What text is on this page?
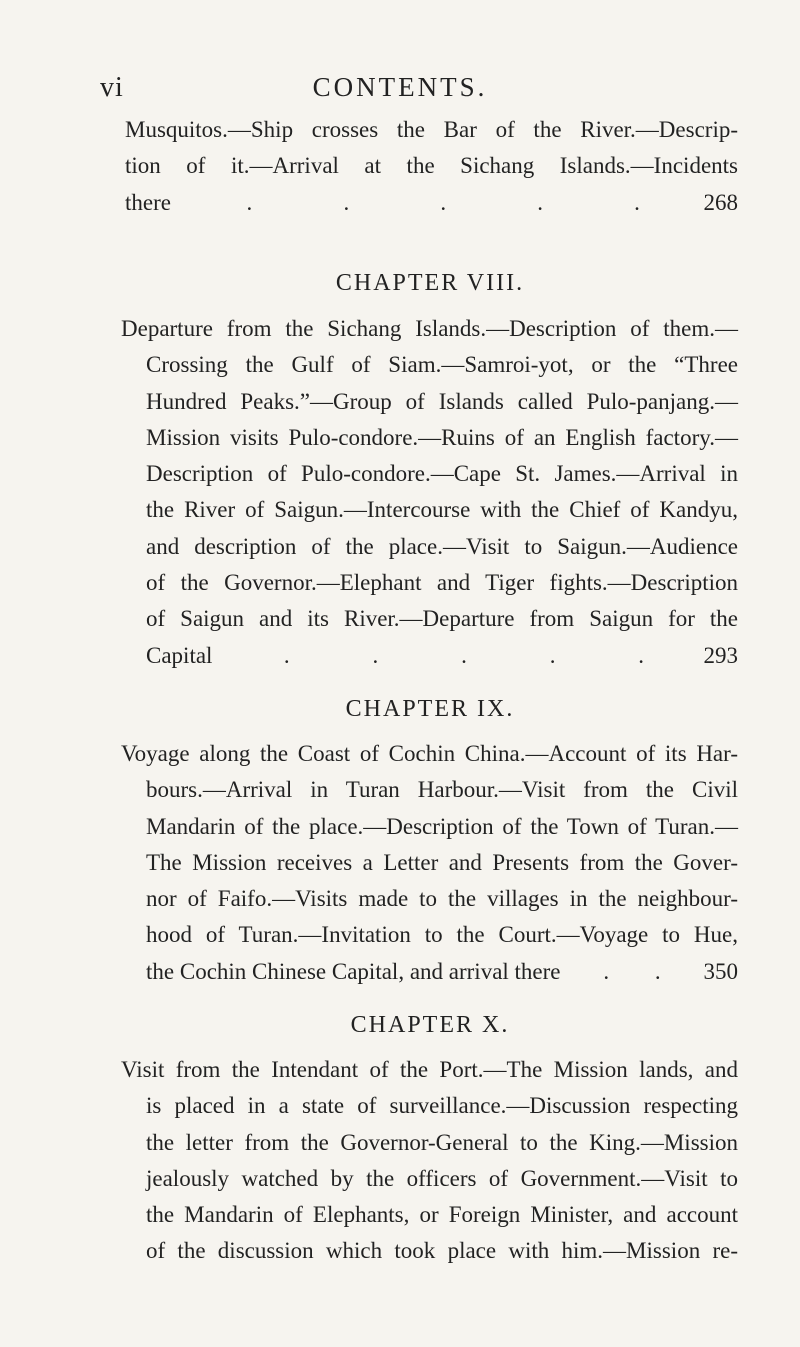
vi	CONTENTS.
Musquitos.—Ship crosses the Bar of the River.—Descrip-
tion of it.—Arrival at the Sichang Islands.—Incidents
there	.	.	.	.	.	268
CHAPTER VIII.
Departure from the Sichang Islands.—Description of them.—
Crossing the Gulf of Siam.—Samroi-yot, or the “Three
Hundred Peaks.”—Group of Islands called Pulo-panjang.—
Mission visits Pulo-condore.—Ruins of an English factory.—
Description of Pulo-condore.—Cape St. James.—Arrival in
the River of Saigun.—Intercourse with the Chief of Kandyu,
and description of the place.—Visit to Saigun.—Audience
of the Governor.—Elephant and Tiger fights.—Description
of Saigun and its River.—Departure from Saigun for the
Capital	.	.	.	.	.	293
CHAPTER IX.
Voyage along the Coast of Cochin China.—Account of its Har-
bours.—Arrival in Turan Harbour.—Visit from the Civil
Mandarin of the place.—Description of the Town of Turan.—
The Mission receives a Letter and Presents from the Gover-
nor of Faifo.—Visits made to the villages in the neighbour-
hood of Turan.—Invitation to the Court.—Voyage to Hue,
the Cochin Chinese Capital, and arrival there . . 350
CHAPTER X.
Visit from the Intendant of the Port.—The Mission lands, and
is placed in a state of surveillance.—Discussion respecting
the letter from the Governor-General to the King.—Mission
jealously watched by the officers of Government.—Visit to
the Mandarin of Elephants, or Foreign Minister, and account
of the discussion which took place with him.—Mission re-
